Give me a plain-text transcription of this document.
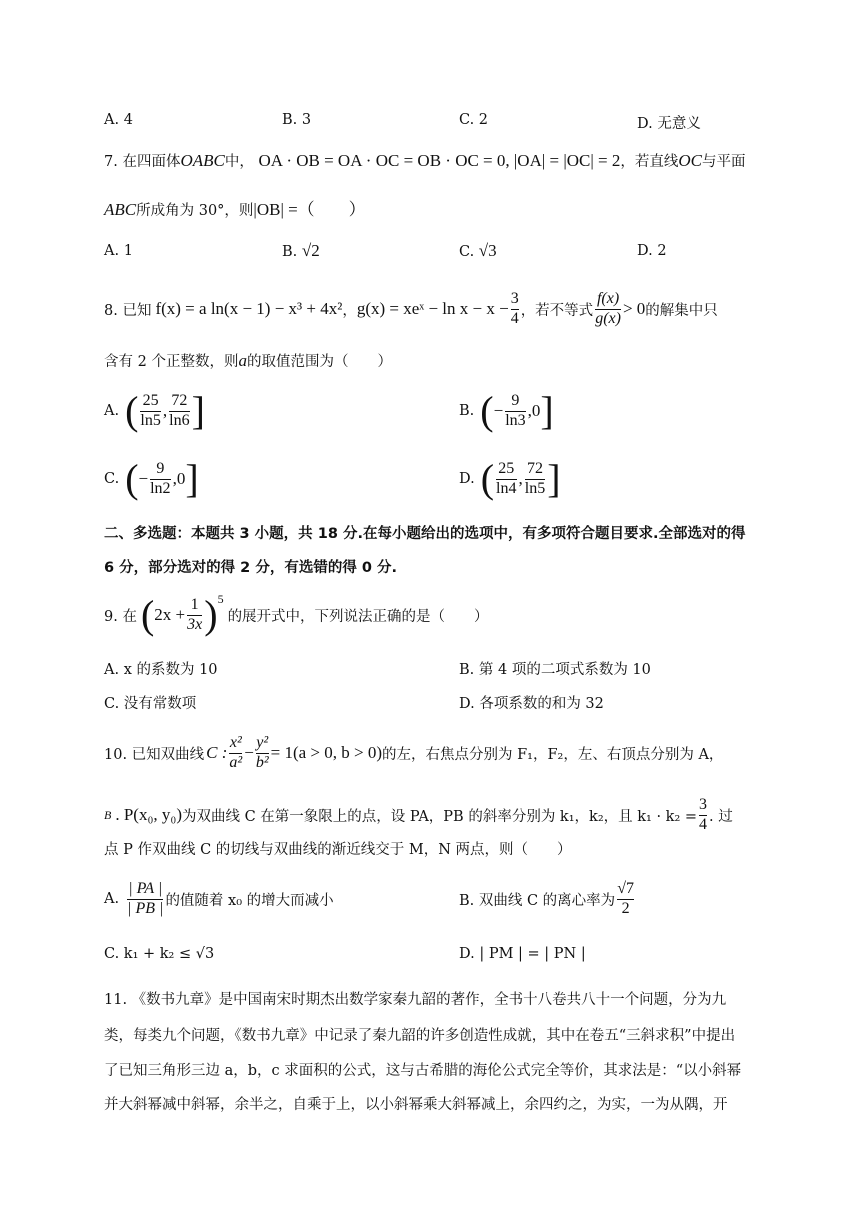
A. 4	B. 3	C. 2	D. 无意义
7. 在四面体OABC中， OA · OB = OA · OC = OB · OC = 0, |OA| = |OC| = 2，若直线OC与平面
ABC所成角为 30°，则|OB| =（　　）
A. 1	B. √2	C. √3	D. 2
8. 已知 f(x) = a ln(x − 1) − x³ + 4x² ， g(x) = xeˣ − $\ln x - x - \frac{3}{4}$ ，若不等式 $\frac{f(x)}{g(x)} > 0$ 的解集中只
含有 2 个正整数，则a的取值范围为（　　）
A. ( $\frac{25}{\ln 5}$ , $\frac{72}{\ln 6}$ ]	B. ( − $\frac{9}{\ln 3} ,0$ ]
C. ( − $\frac{9}{\ln 2} ,0$ ]	D. ( $\frac{25}{\ln 4}$ , $\frac{72}{\ln 5}$ ]
二、多选题：本题共 3 小题，共 18 分.在每小题给出的选项中，有多项符合题目要求.全部选对的得
6 分，部分选对的得 2 分，有选错的得 0 分.
9. 在 ( $2x + \frac{1}{3x}$ ) 5
的展开式中，下列说法正确的是（　　）
A. x 的系数为 10	B. 第 4 项的二项式系数为 10
C. 没有常数项	D. 各项系数的和为 32
10. 已知双曲线 C : $\frac{\text{x²}}{\text{a²}} - \frac{\text{y²}}{\text{b²}} = 1(a > 0$, b > 0) 的左，右焦点分别为 F₁，F₂，左、右顶点分别为 A，
B . P(x₀, y₀) 为双曲线 C 在第一象限上的点，设 PA，PB 的斜率分别为 k₁，k₂，且 $k_1 \cdot k_2 = \frac{3}{4}$ . 过
点 P 作双曲线 C 的切线与双曲线的渐近线交于 M，N 两点，则（　　）
A. $\frac{| PA |}{| PB |}$ 的值随着 x₀ 的增大而减小	B. 双曲线 C 的离心率为 $\frac{√7}{2}$
C. k₁ + k₂ ≤ √3	D. | PM | = | PN |
11. 《数书九章》是中国南宋时期杰出数学家秦九韶的著作，全书十八卷共八十一个问题，分为九
类，每类九个问题，《数书九章》中记录了秦九韶的许多创造性成就，其中在卷五“三斜求积”中提出
了已知三角形三边 a，b，c 求面积的公式，这与古希腊的海伦公式完全等价，其求法是：“以小斜幂
并大斜幂减中斜幂，余半之，自乘于上，以小斜幂乘大斜幂减上，余四约之，为实，一为从隅，开
